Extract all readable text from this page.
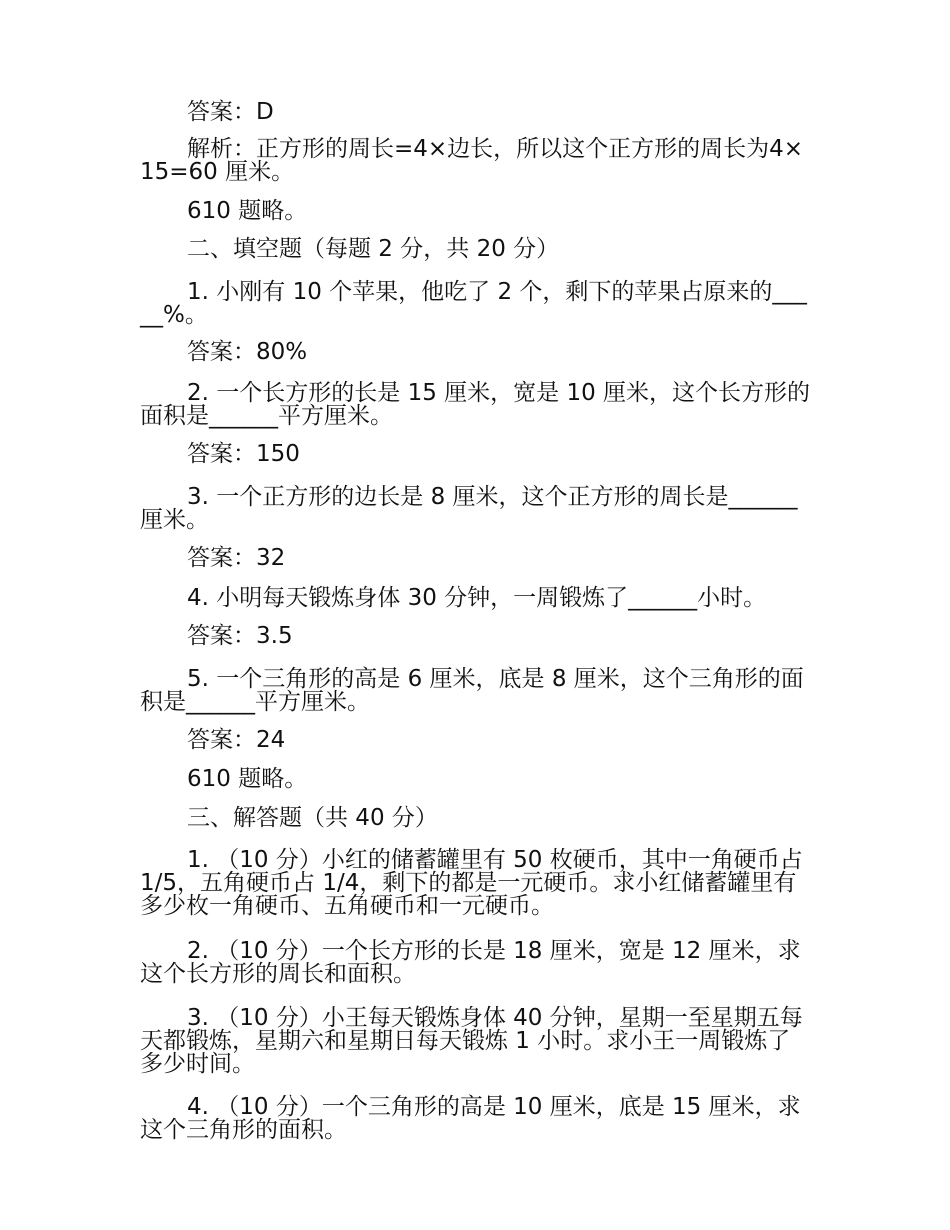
答案：D

解析：正方形的周长=4×边长，所以这个正方形的周长为4×15=60 厘米。

610 题略。

二、填空题（每题 2 分，共 20 分）

1. 小刚有 10 个苹果，他吃了 2 个，剩下的苹果占原来的_____%。

答案：80%

2. 一个长方形的长是 15 厘米，宽是 10 厘米，这个长方形的面积是______平方厘米。

答案：150

3. 一个正方形的边长是 8 厘米，这个正方形的周长是______厘米。

答案：32

4. 小明每天锻炼身体 30 分钟，一周锻炼了______小时。

答案：3.5

5. 一个三角形的高是 6 厘米，底是 8 厘米，这个三角形的面积是______平方厘米。

答案：24

610 题略。

三、解答题（共 40 分）

1. （10 分）小红的储蓄罐里有 50 枚硬币，其中一角硬币占 1/5，五角硬币占 1/4，剩下的都是一元硬币。求小红储蓄罐里有多少枚一角硬币、五角硬币和一元硬币。

2. （10 分）一个长方形的长是 18 厘米，宽是 12 厘米，求这个长方形的周长和面积。

3. （10 分）小王每天锻炼身体 40 分钟，星期一至星期五每天都锻炼，星期六和星期日每天锻炼 1 小时。求小王一周锻炼了多少时间。

4. （10 分）一个三角形的高是 10 厘米，底是 15 厘米，求这个三角形的面积。
